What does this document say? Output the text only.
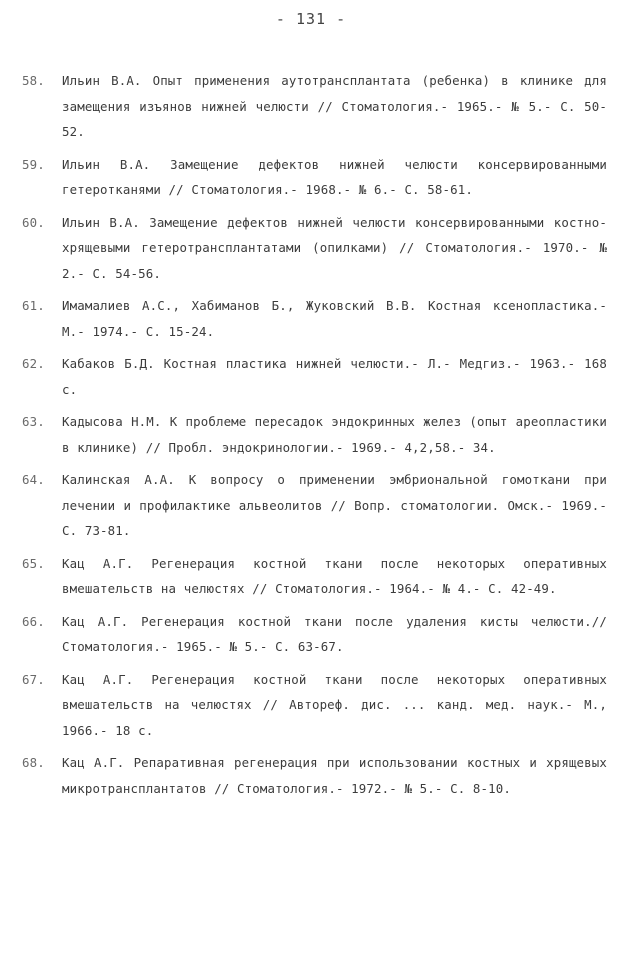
- 131 -
58. Ильин В.А. Опыт применения аутотрансплантата (ребенка) в клинике для замещения изъянов нижней челюсти // Стоматология.- 1965.- № 5.- С. 50-52.
59. Ильин В.А. Замещение дефектов нижней челюсти консервированными гетеротканями // Стоматология.- 1968.- № 6.- С. 58-61.
60. Ильин В.А. Замещение дефектов нижней челюсти консервированными костно-хрящевыми гетеротрансплантатами (опилками) // Стоматология.- 1970.- № 2.- С. 54-56.
61. Имамалиев А.С., Хабиманов Б., Жуковский В.В. Костная ксенопластика.- М.- 1974.- С. 15-24.
62. Кабаков Б.Д. Костная пластика нижней челюсти.- Л.- Медгиз.- 1963.- 168 с.
63. Кадысова Н.М. К проблеме пересадок эндокринных желез (опыт ареопластики в клинике) // Пробл. эндокринологии.- 1969.- 4,2,58.- 34.
64. Калинская А.А. К вопросу о применении эмбриональной гомоткани при лечении и профилактике альвеолитов // Вопр. стоматологии. Омск.- 1969.- С. 73-81.
65. Кац А.Г. Регенерация костной ткани после некоторых оперативных вмешательств на челюстях // Стоматология.- 1964.- № 4.- С. 42-49.
66. Кац А.Г. Регенерация костной ткани после удаления кисты челюсти.// Стоматология.- 1965.- № 5.- С. 63-67.
67. Кац А.Г. Регенерация костной ткани после некоторых оперативных вмешательств на челюстях // Автореф. дис. ... канд. мед. наук.- М., 1966.- 18 с.
68. Кац А.Г. Репаративная регенерация при использовании костных и хрящевых микротрансплантатов // Стоматология.- 1972.- № 5.- С. 8-10.
